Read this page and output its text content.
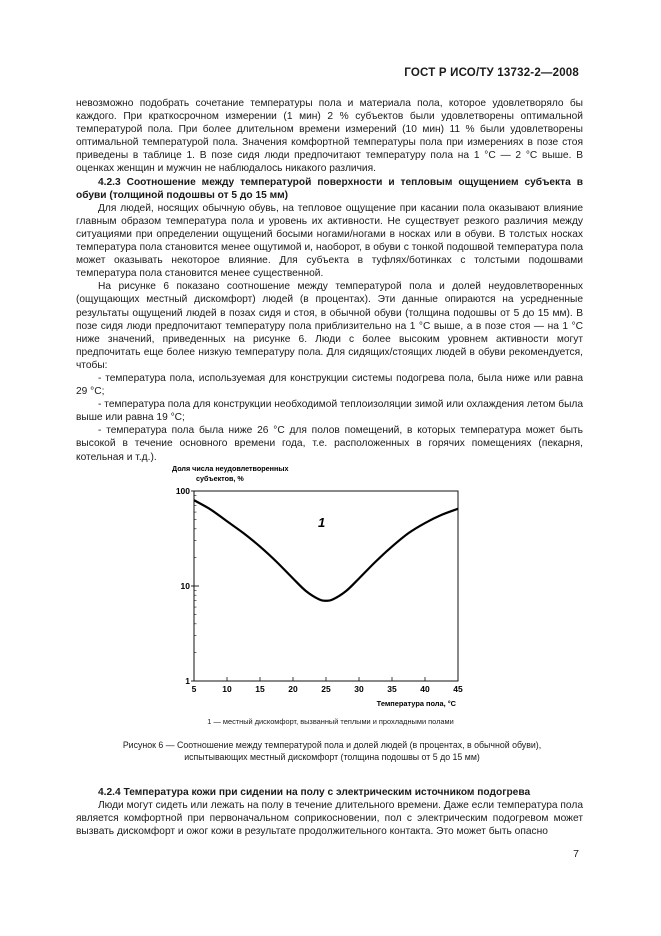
ГОСТ Р ИСО/ТУ 13732-2—2008

невозможно подобрать сочетание температуры пола и материала пола, которое удовлетворяло бы каждого. При краткосрочном измерении (1 мин) 2 % субъектов были удовлетворены оптимальной температурой пола. При более длительном времени измерений (10 мин) 11 % были удовлетворены оптимальной температурой пола. Значения комфортной температуры пола при измерениях в позе стоя приведены в таблице 1. В позе сидя люди предпочитают температуру пола на 1 °С — 2 °С выше. В оценках женщин и мужчин не наблюдалось никакого различия.

4.2.3 Соотношение между температурой поверхности и тепловым ощущением субъекта в обуви (толщиной подошвы от 5 до 15 мм)

Для людей, носящих обычную обувь, на тепловое ощущение при касании пола оказывают влияние главным образом температура пола и уровень их активности. Не существует резкого различия между ситуациями при определении ощущений босыми ногами/ногами в носках или в обуви. В толстых носках температура пола становится менее ощутимой и, наоборот, в обуви с тонкой подошвой температура пола может оказывать некоторое влияние. Для субъекта в туфлях/ботинках с толстыми подошвами температура пола становится менее существенной.

На рисунке 6 показано соотношение между температурой пола и долей неудовлетворенных (ощущающих местный дискомфорт) людей (в процентах). Эти данные опираются на усредненные результаты ощущений людей в позах сидя и стоя, в обычной обуви (толщина подошвы от 5 до 15 мм). В позе сидя люди предпочитают температуру пола приблизительно на 1 °С выше, а в позе стоя — на 1 °С ниже значений, приведенных на рисунке 6. Люди с более высоким уровнем активности могут предпочитать еще более низкую температуру пола. Для сидящих/стоящих людей в обуви рекомендуется, чтобы:

- температура пола, используемая для конструкции системы подогрева пола, была ниже или равна 29 °С;

- температура пола для конструкции необходимой теплоизоляции зимой или охлаждения летом была выше или равна 19 °С;

- температура пола была ниже 26 °С для полов помещений, в которых температура может быть высокой в течение основного времени года, т.е. расположенных в горячих помещениях (пекарня, котельная и т.д.).

Доля числа неудовлетворенных
субъектов, %
5	10	15	20	25	30	35	40	45
1
10
100
1
Температура пола, °С
1 — местный дискомфорт, вызванный теплыми и прохладными полами
Рисунок 6 — Соотношение между температурой пола и долей людей (в процентах, в обычной обуви),
испытывающих местный дискомфорт (толщина подошвы от 5 до 15 мм)

4.2.4 Температура кожи при сидении на полу с электрическим источником подогрева

Люди могут сидеть или лежать на полу в течение длительного времени. Даже если температура пола является комфортной при первоначальном соприкосновении, пол с электрическим подогревом может вызвать дискомфорт и ожог кожи в результате продолжительного контакта. Это может быть опасно

7
